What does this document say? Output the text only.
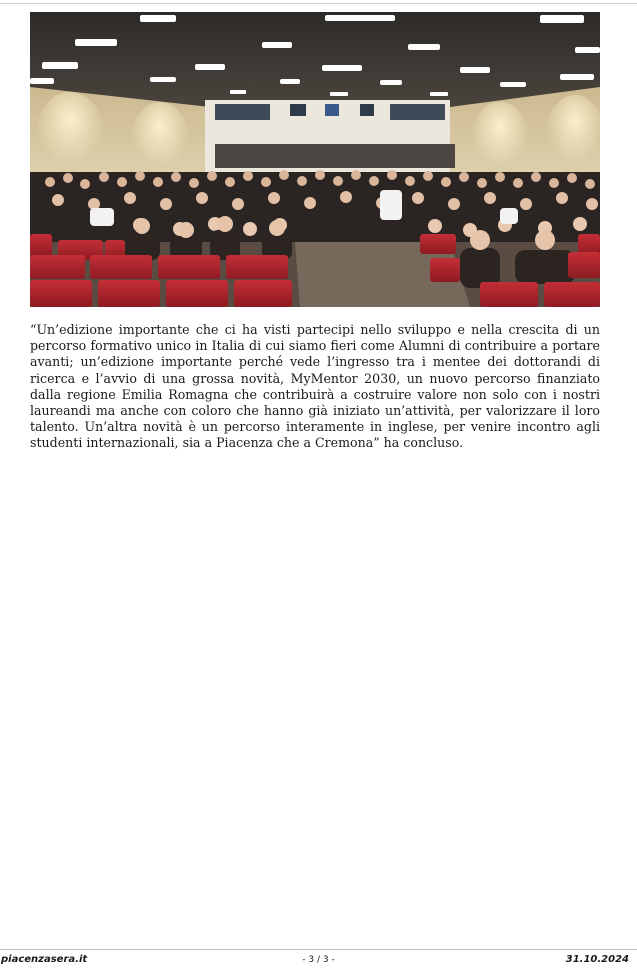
“Un’edizione importante che ci ha visti partecipi nello sviluppo e nella crescita di un percorso formativo unico in Italia di cui siamo fieri come Alumni di contribuire a portare avanti; un’edizione importante perché vede l’ingresso tra i mentee dei dottorandi di ricerca e l’avvio di una grossa novità, MyMentor 2030, un nuovo percorso finanziato dalla regione Emilia Romagna che contribuirà a costruire valore non solo con i nostri laureandi ma anche con coloro che hanno già iniziato un’attività, per valorizzare il loro talento. Un’altra novità è un percorso interamente in inglese, per venire incontro agli studenti internazionali, sia a Piacenza che a Cremona” ha concluso.

piacenzasera.it	- 3 / 3 -	31.10.2024
